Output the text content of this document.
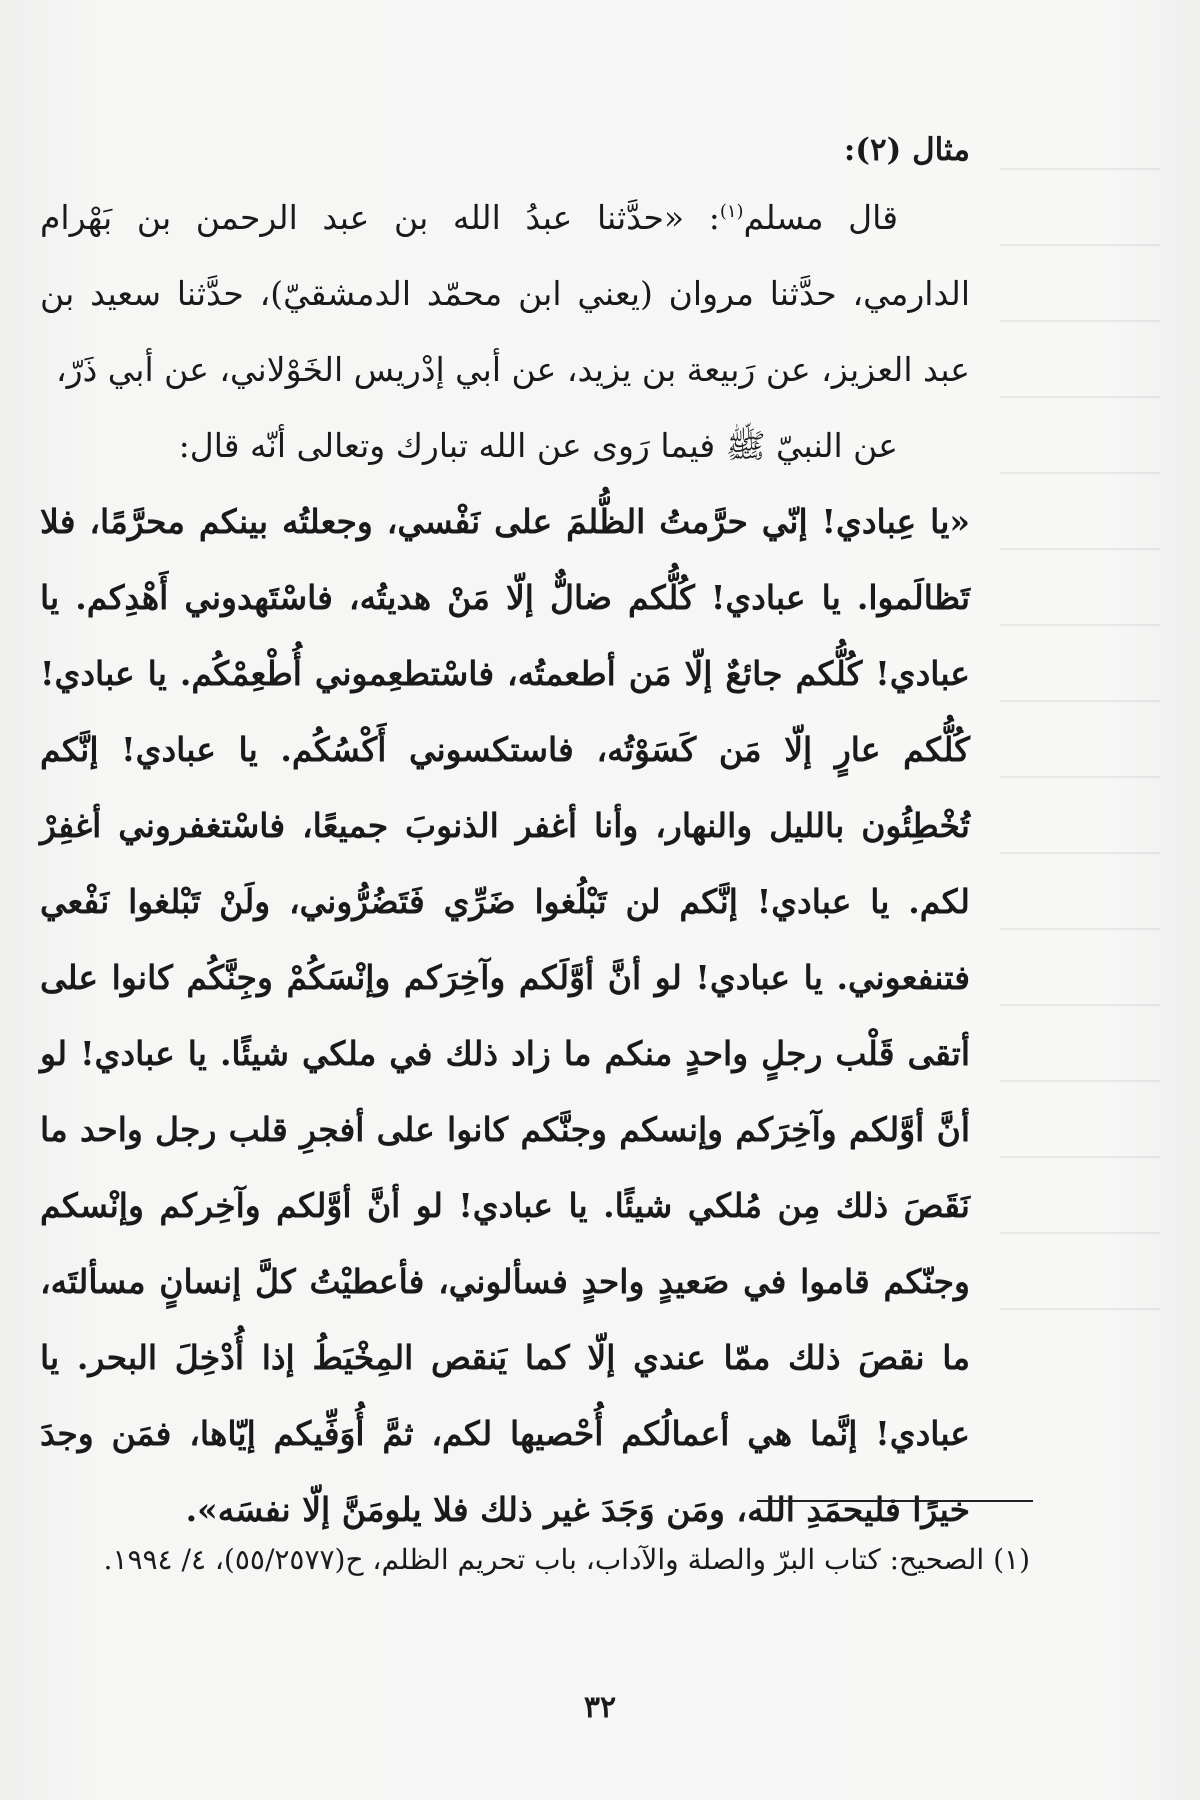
مثال (٢):

قال مسلم$^{(١)}$: «حدَّثنا عبدُ الله بن عبد الرحمن بن بَهْرام الدارمي، حدَّثنا مروان (يعني ابن محمّد الدمشقيّ)، حدَّثنا سعيد بن عبد العزيز، عن رَبيعة بن يزيد، عن أبي إدْريس الخَوْلاني، عن أبي ذَرّ،

عن النبيّ ﷺ فيما رَوى عن الله تبارك وتعالى أنّه قال:

«يا عِبادي! إنّي حرَّمتُ الظُّلمَ على نَفْسي، وجعلتُه بينكم محرَّمًا، فلا تَظالَموا. يا عبادي! كُلُّكم ضالٌّ إلّا مَنْ هديتُه، فاسْتَهدوني أَهْدِكم. يا عبادي! كُلُّكم جائعٌ إلّا مَن أطعمتُه، فاسْتطعِموني أُطْعِمْكُم. يا عبادي! كُلُّكم عارٍ إلّا مَن كَسَوْتُه، فاستكسوني أَكْسُكُم. يا عبادي! إنَّكم تُخْطِئُون بالليل والنهار، وأنا أغفر الذنوبَ جميعًا، فاسْتغفروني أغفِرْ لكم. يا عبادي! إنَّكم لن تَبْلُغوا ضَرِّي فَتَضُرُّوني، ولَنْ تَبْلغوا نَفْعي فتنفعوني. يا عبادي! لو أنَّ أوَّلَكم وآخِرَكم وإنْسَكُمْ وجِنَّكُم كانوا على أتقى قَلْب رجلٍ واحدٍ منكم ما زاد ذلك في ملكي شيئًا. يا عبادي! لو أنَّ أوَّلكم وآخِرَكم وإنسكم وجنَّكم كانوا على أفجرِ قلب رجل واحد ما نَقَصَ ذلك مِن مُلكي شيئًا. يا عبادي! لو أنَّ أوَّلكم وآخِركم وإنْسكم وجنّكم قاموا في صَعيدٍ واحدٍ فسألوني، فأعطيْتُ كلَّ إنسانٍ مسألتَه، ما نقصَ ذلك ممّا عندي إلّا كما يَنقص المِخْيَطُ إذا أُدْخِلَ البحر. يا عبادي! إنَّما هي أعمالُكم أُحْصيها لكم، ثمَّ أُوَفِّيكم إيّاها، فمَن وجدَ خيرًا فليحمَدِ الله، ومَن وَجَدَ غير ذلك فلا يلومَنَّ إلّا نفسَه».

(١) الصحيح: كتاب البرّ والصلة والآداب، باب تحريم الظلم، ح(٥٥/٢٥٧٧)، ٤/ ١٩٩٤.

٣٢
